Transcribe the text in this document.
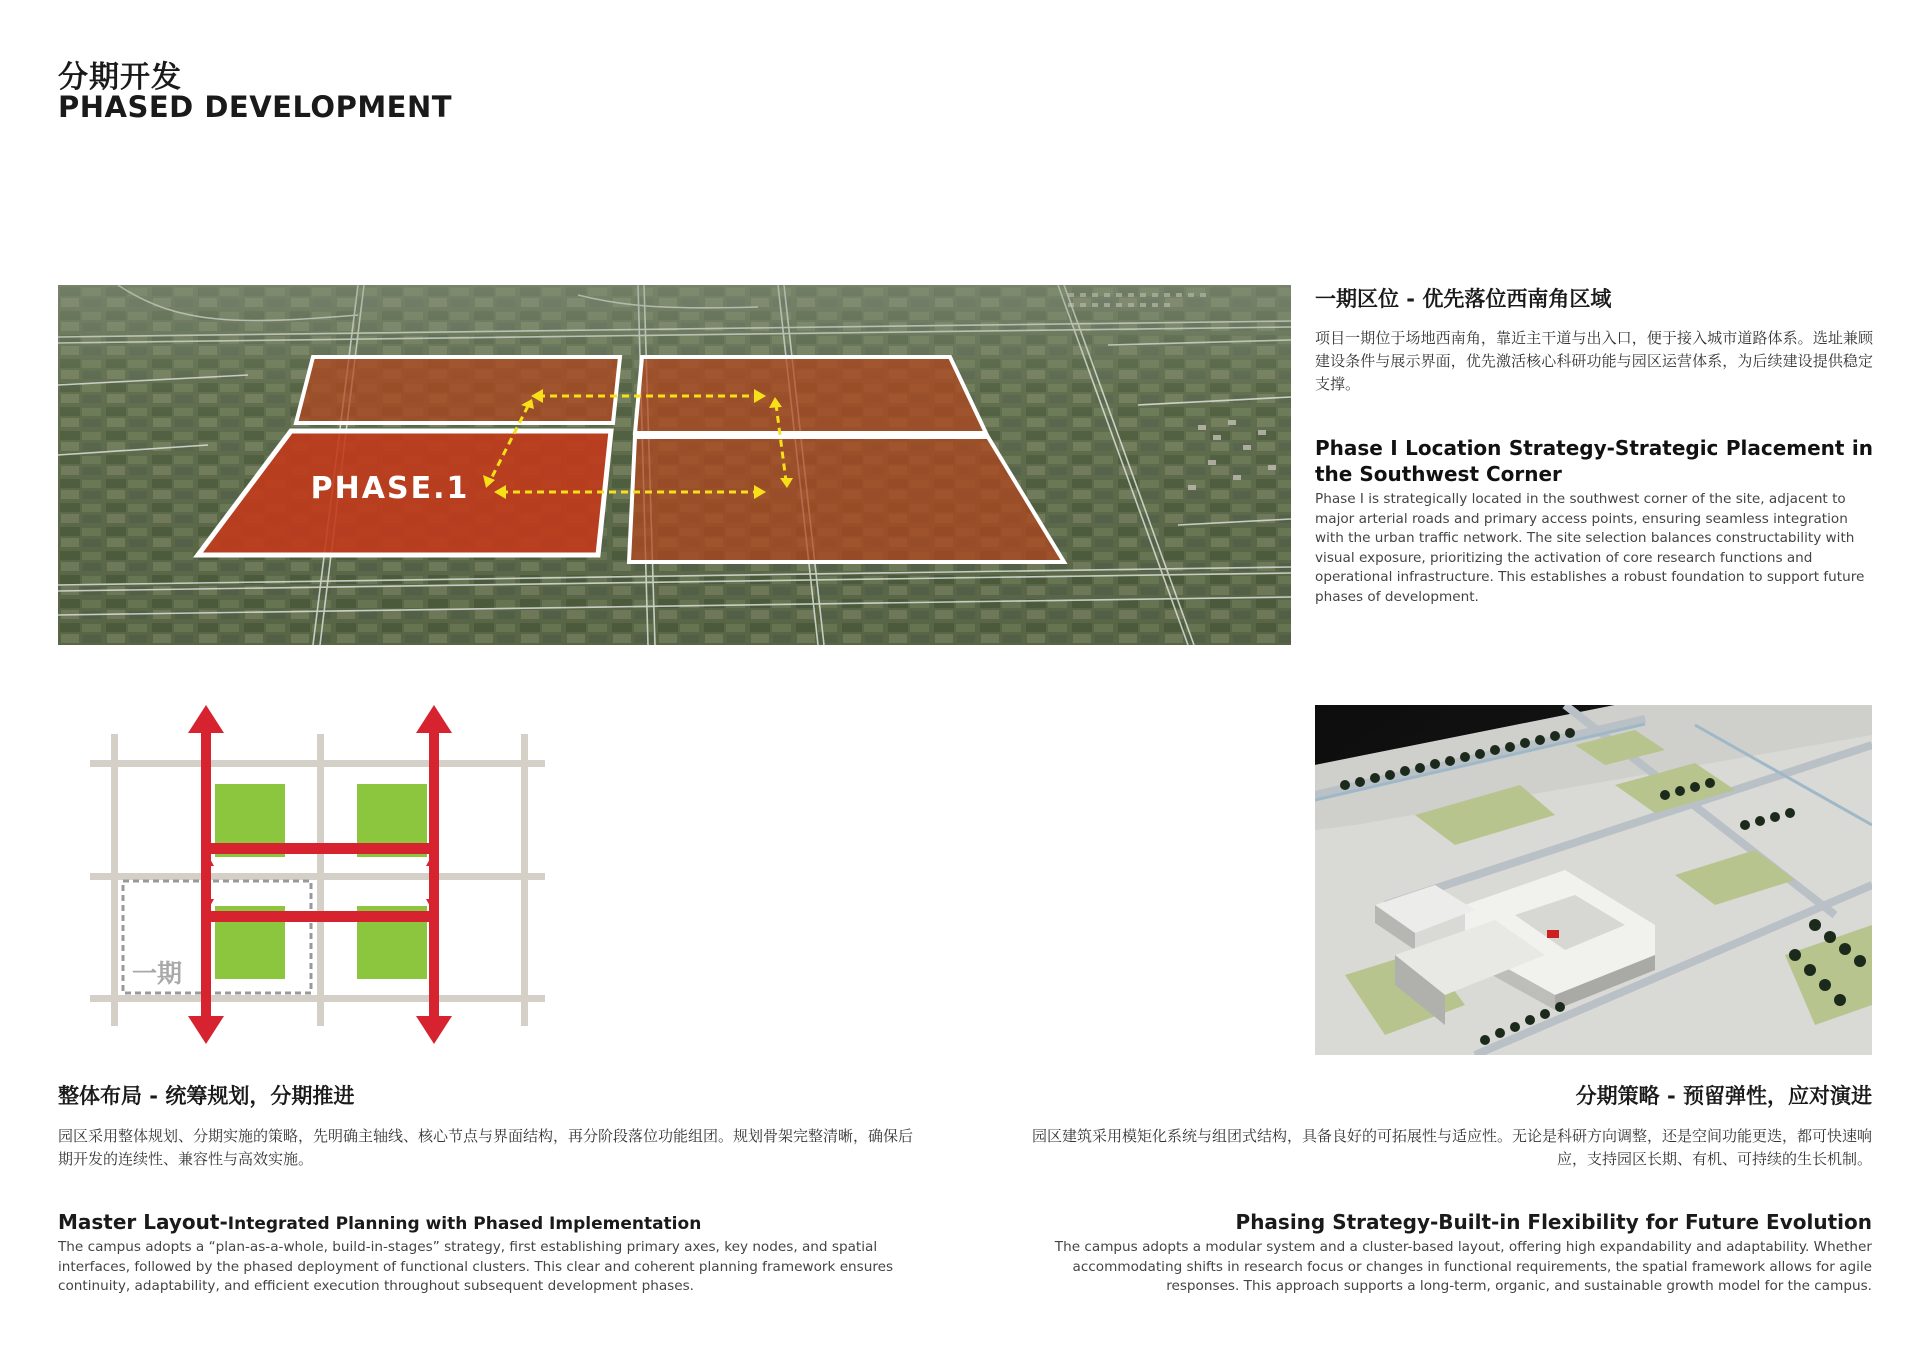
分期开发
PHASED DEVELOPMENT
PHASE.1
一期区位 - 优先落位西南角区域
项目一期位于场地西南角，靠近主干道与出入口，便于接入城市道路体系。选址兼顾建设条件与展示界面，优先激活核心科研功能与园区运营体系，为后续建设提供稳定支撑。
Phase I Location Strategy-Strategic Placement in the Southwest Corner
Phase I is strategically located in the southwest corner of the site, adjacent to major arterial roads and primary access points, ensuring seamless integration with the urban traffic network. The site selection balances constructability with visual exposure, prioritizing the activation of core research functions and operational infrastructure. This establishes a robust foundation to support future phases of development.
一期
整体布局 - 统筹规划，分期推进
园区采用整体规划、分期实施的策略，先明确主轴线、核心节点与界面结构，再分阶段落位功能组团。规划骨架完整清晰，确保后期开发的连续性、兼容性与高效实施。
Master Layout-Integrated Planning with Phased Implementation
The campus adopts a “plan-as-a-whole, build-in-stages” strategy, first establishing primary axes, key nodes, and spatial interfaces, followed by the phased deployment of functional clusters. This clear and coherent planning framework ensures continuity, adaptability, and efficient execution throughout subsequent development phases.
分期策略 - 预留弹性，应对演进
园区建筑采用模矩化系统与组团式结构，具备良好的可拓展性与适应性。无论是科研方向调整，还是空间功能更迭，都可快速响应，支持园区长期、有机、可持续的生长机制。
Phasing Strategy-Built-in Flexibility for Future Evolution
The campus adopts a modular system and a cluster-based layout, offering high expandability and adaptability. Whether accommodating shifts in research focus or changes in functional requirements, the spatial framework allows for agile responses. This approach supports a long-term, organic, and sustainable growth model for the campus.
